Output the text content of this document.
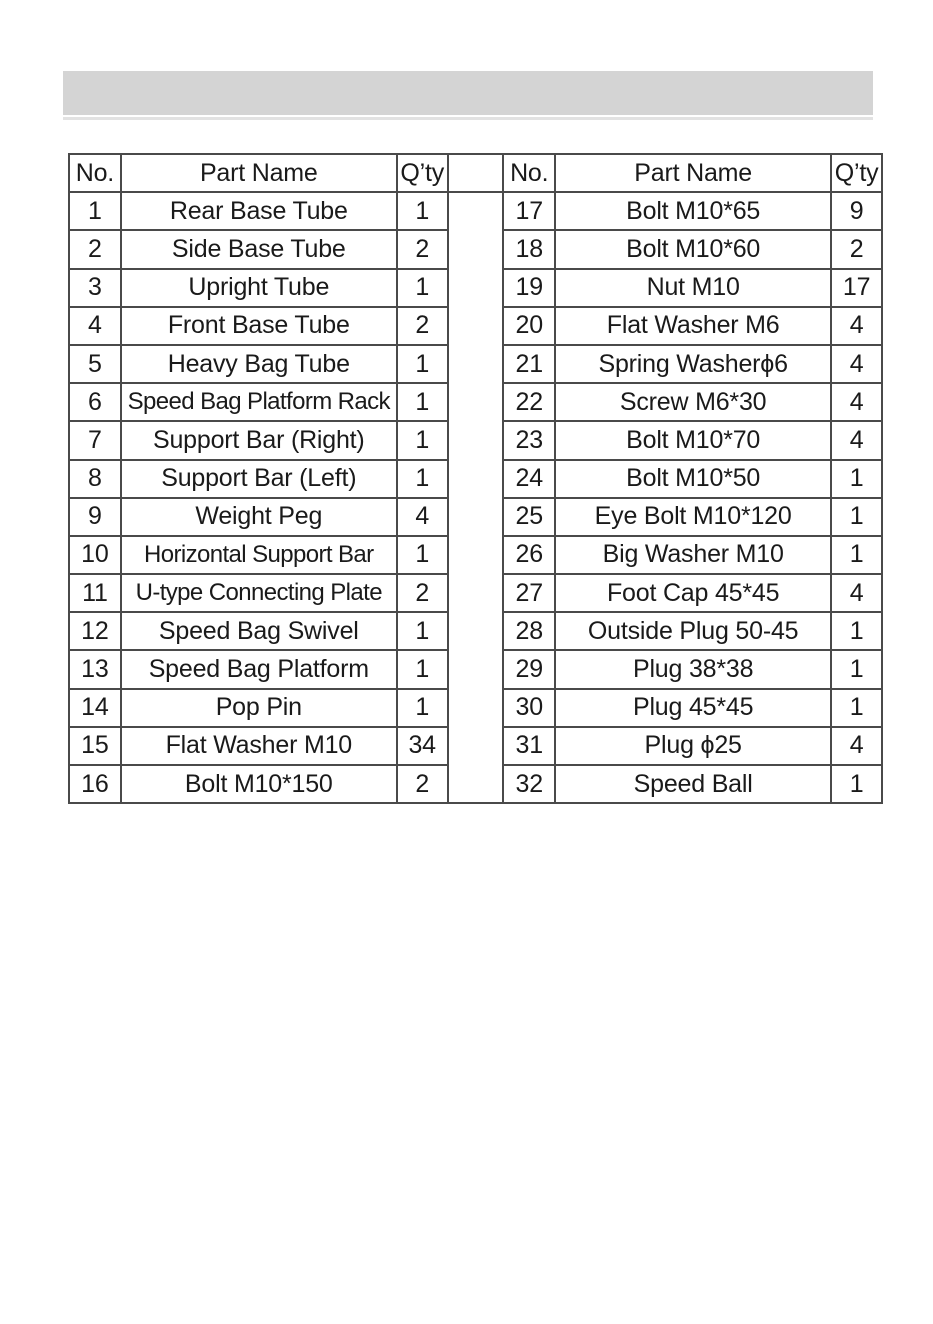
No.	Part Name	Q’ty		No.	Part Name	Q’ty
1	Rear Base Tube	1		17	Bolt M10*65	9
2	Side Base Tube	2		18	Bolt M10*60	2
3	Upright Tube	1		19	Nut M10	17
4	Front Base Tube	2		20	Flat Washer M6	4
5	Heavy Bag Tube	1		21	Spring Washerϕ6	4
6	Speed Bag Platform Rack	1		22	Screw M6*30	4
7	Support Bar (Right)	1		23	Bolt M10*70	4
8	Support Bar (Left)	1		24	Bolt M10*50	1
9	Weight Peg	4		25	Eye Bolt M10*120	1
10	Horizontal Support Bar	1		26	Big Washer M10	1
11	U-type Connecting Plate	2		27	Foot Cap 45*45	4
12	Speed Bag Swivel	1		28	Outside Plug 50-45	1
13	Speed Bag Platform	1		29	Plug 38*38	1
14	Pop Pin	1		30	Plug 45*45	1
15	Flat Washer M10	34		31	Plug ϕ25	4
16	Bolt M10*150	2		32	Speed Ball	1
